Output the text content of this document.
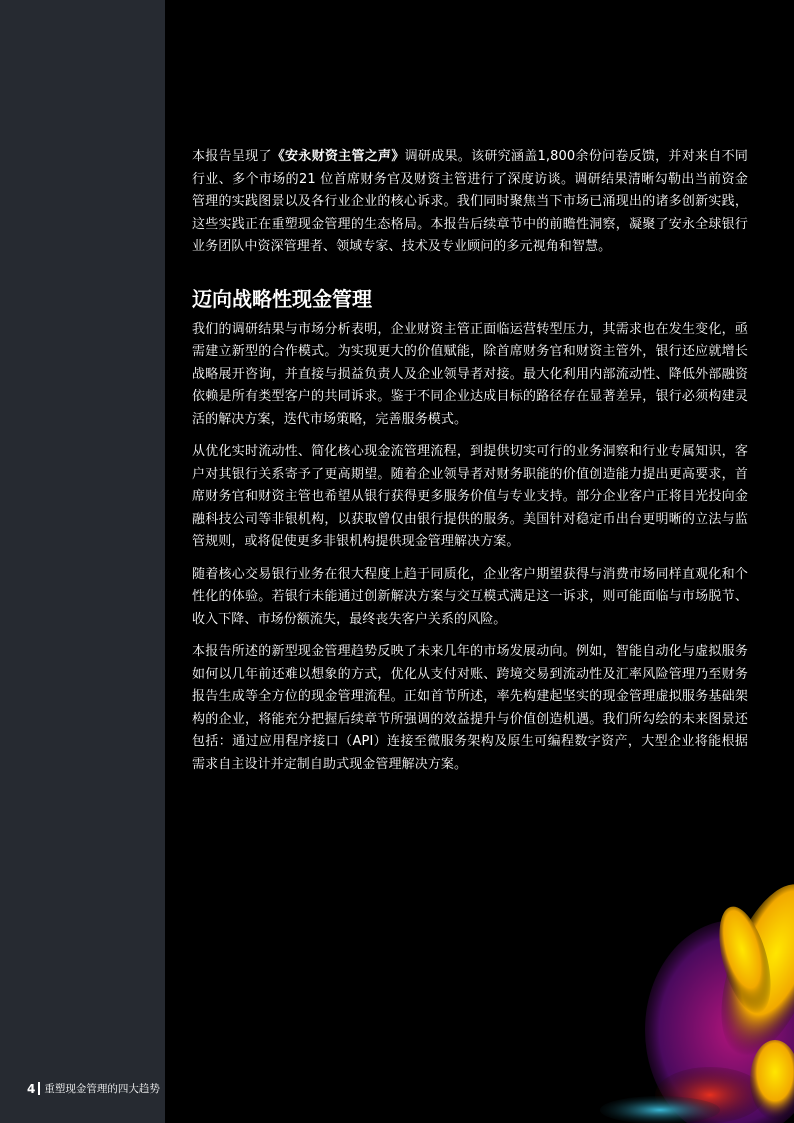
本报告呈现了《安永财资主管之声》调研成果。该研究涵盖1,800余份问卷反馈，并对来自不同行业、多个市场的21 位首席财务官及财资主管进行了深度访谈。调研结果清晰勾勒出当前资金管理的实践图景以及各行业企业的核心诉求。我们同时聚焦当下市场已涌现出的诸多创新实践，这些实践正在重塑现金管理的生态格局。本报告后续章节中的前瞻性洞察，凝聚了安永全球银行业务团队中资深管理者、领域专家、技术及专业顾问的多元视角和智慧。

迈向战略性现金管理

我们的调研结果与市场分析表明，企业财资主管正面临运营转型压力，其需求也在发生变化，亟需建立新型的合作模式。为实现更大的价值赋能，除首席财务官和财资主管外，银行还应就增长战略展开咨询，并直接与损益负责人及企业领导者对接。最大化利用内部流动性、降低外部融资依赖是所有类型客户的共同诉求。鉴于不同企业达成目标的路径存在显著差异，银行必须构建灵活的解决方案，迭代市场策略，完善服务模式。

从优化实时流动性、简化核心现金流管理流程，到提供切实可行的业务洞察和行业专属知识，客户对其银行关系寄予了更高期望。随着企业领导者对财务职能的价值创造能力提出更高要求，首席财务官和财资主管也希望从银行获得更多服务价值与专业支持。部分企业客户正将目光投向金融科技公司等非银机构，以获取曾仅由银行提供的服务。美国针对稳定币出台更明晰的立法与监管规则，或将促使更多非银机构提供现金管理解决方案。

随着核心交易银行业务在很大程度上趋于同质化，企业客户期望获得与消费市场同样直观化和个性化的体验。若银行未能通过创新解决方案与交互模式满足这一诉求，则可能面临与市场脱节、收入下降、市场份额流失，最终丧失客户关系的风险。

本报告所述的新型现金管理趋势反映了未来几年的市场发展动向。例如，智能自动化与虚拟服务如何以几年前还难以想象的方式，优化从支付对账、跨境交易到流动性及汇率风险管理乃至财务报告生成等全方位的现金管理流程。正如首节所述，率先构建起坚实的现金管理虚拟服务基础架构的企业，将能充分把握后续章节所强调的效益提升与价值创造机遇。我们所勾绘的未来图景还包括：通过应用程序接口（API）连接至微服务架构及原生可编程数字资产，大型企业将能根据需求自主设计并定制自助式现金管理解决方案。

4 重塑现金管理的四大趋势
